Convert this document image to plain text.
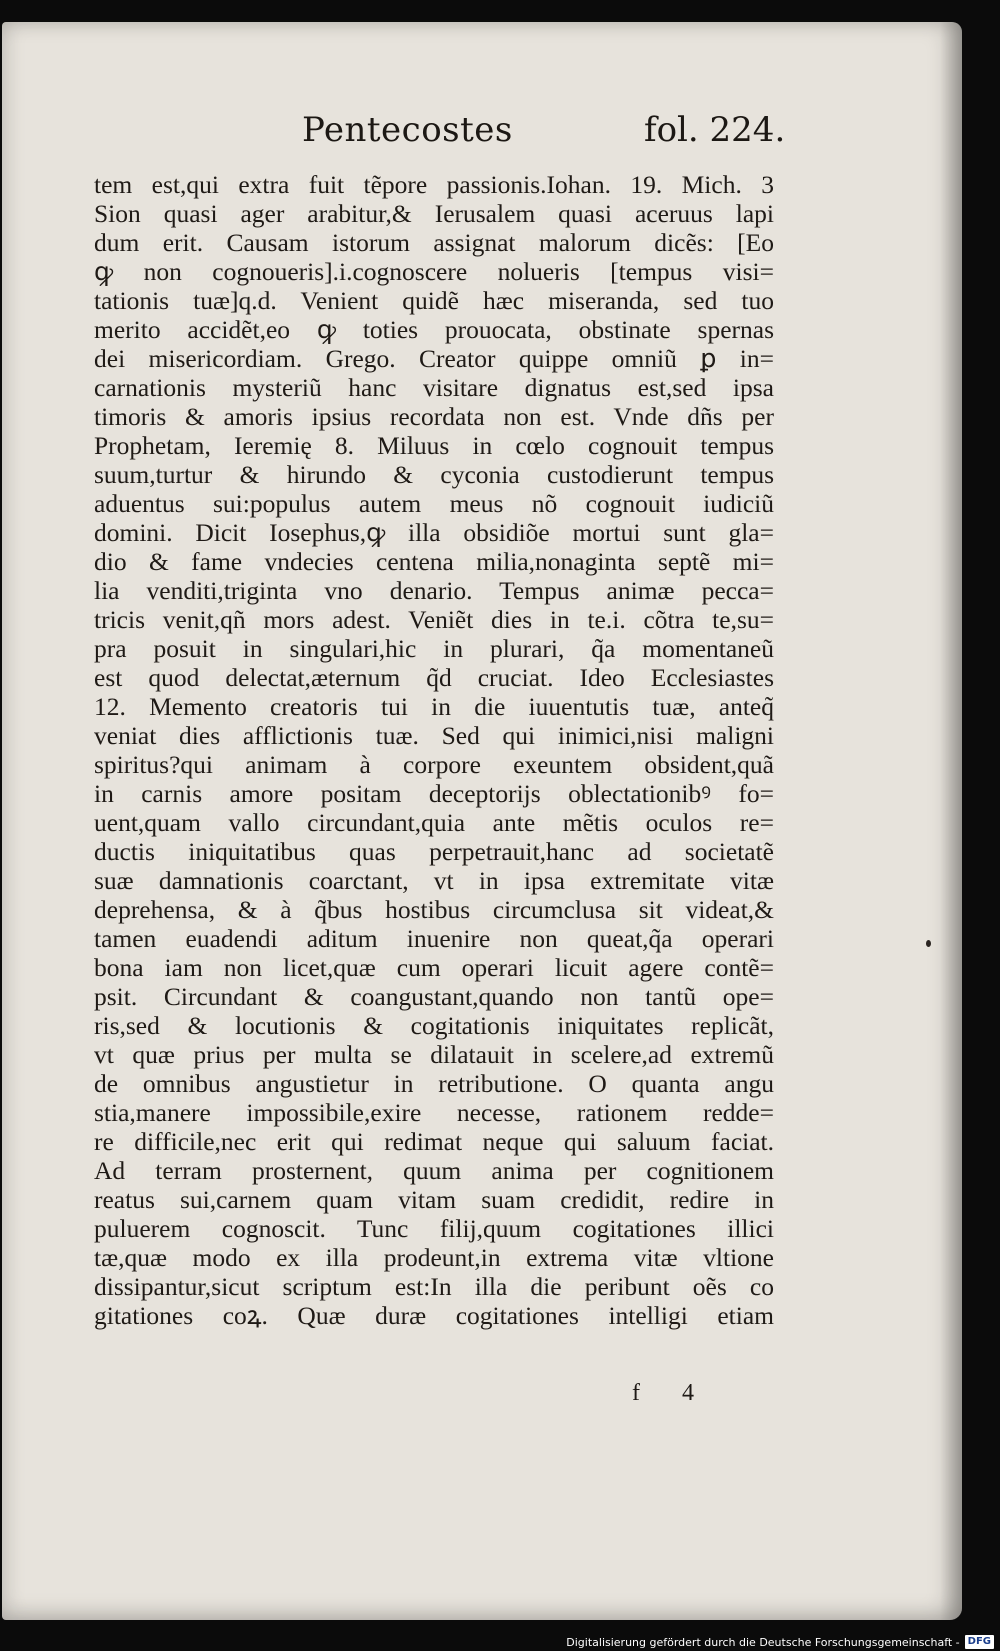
Pentecostes	fol. 224.
tem est,qui extra fuit tẽpore passionis.Iohan. 19. Mich. 3
Sion quasi ager arabitur,& Ierusalem quasi aceruus lapi
dum erit. Causam istorum assignat malorum dicẽs: [Eo
ꝙ non cognoueris].i.cognoscere nolueris [tempus visi=
tationis tuæ]q.d. Venient quidẽ hæc miseranda, sed tuo
merito accidẽt,eo ꝙ toties prouocata, obstinate spernas
dei misericordiam. Grego. Creator quippe omniũ ꝑ in=
carnationis mysteriũ hanc visitare dignatus est,sed ipsa
timoris & amoris ipsius recordata non est. Vnde dñs per
Prophetam, Ieremię 8. Miluus in cœlo cognouit tempus
suum,turtur & hirundo & cyconia custodierunt tempus
aduentus sui:populus autem meus nõ cognouit iudiciũ
domini. Dicit Iosephus,ꝙ illa obsidiõe mortui sunt gla=
dio & fame vndecies centena milia,nonaginta septẽ mi=
lia venditi,triginta vno denario. Tempus animæ pecca=
tricis venit,qñ mors adest. Veniẽt dies in te.i. cõtra te,su=
pra posuit in singulari,hic in plurari, q̃a momentaneũ
est quod delectat,æternum q̃d cruciat. Ideo Ecclesiastes
12. Memento creatoris tui in die iuuentutis tuæ, anteq̃
veniat dies afflictionis tuæ. Sed qui inimici,nisi maligni
spiritus?qui animam à corpore exeuntem obsident,quã
in carnis amore positam deceptorijs oblectationibꝰ fo=
uent,quam vallo circundant,quia ante mẽtis oculos re=
ductis iniquitatibus quas perpetrauit,hanc ad societatẽ
suæ damnationis coarctant, vt in ipsa extremitate vitæ
deprehensa, & à q̃bus hostibus circumclusa sit videat,&
tamen euadendi aditum inuenire non queat,q̃a operari
bona iam non licet,quæ cum operari licuit agere contẽ=
psit. Circundant & coangustant,quando non tantũ ope=
ris,sed & locutionis & cogitationis iniquitates replicãt,
vt quæ prius per multa se dilatauit in scelere,ad extremũ
de omnibus angustietur in retributione. O quanta angu
stia,manere impossibile,exire necesse, rationem redde=
re difficile,nec erit qui redimat neque qui saluum faciat.
Ad terram prosternent, quum anima per cognitionem
reatus sui,carnem quam vitam suam credidit, redire in
puluerem cognoscit. Tunc filij,quum cogitationes illici
tæ,quæ modo ex illa prodeunt,in extrema vitæ vltione
dissipantur,sicut scriptum est:In illa die peribunt oẽs co
gitationes coꝝ. Quæ duræ cogitationes intelligi etiam
f 4
Digitalisierung gefördert durch die Deutsche Forschungsgemeinschaft - DFG
